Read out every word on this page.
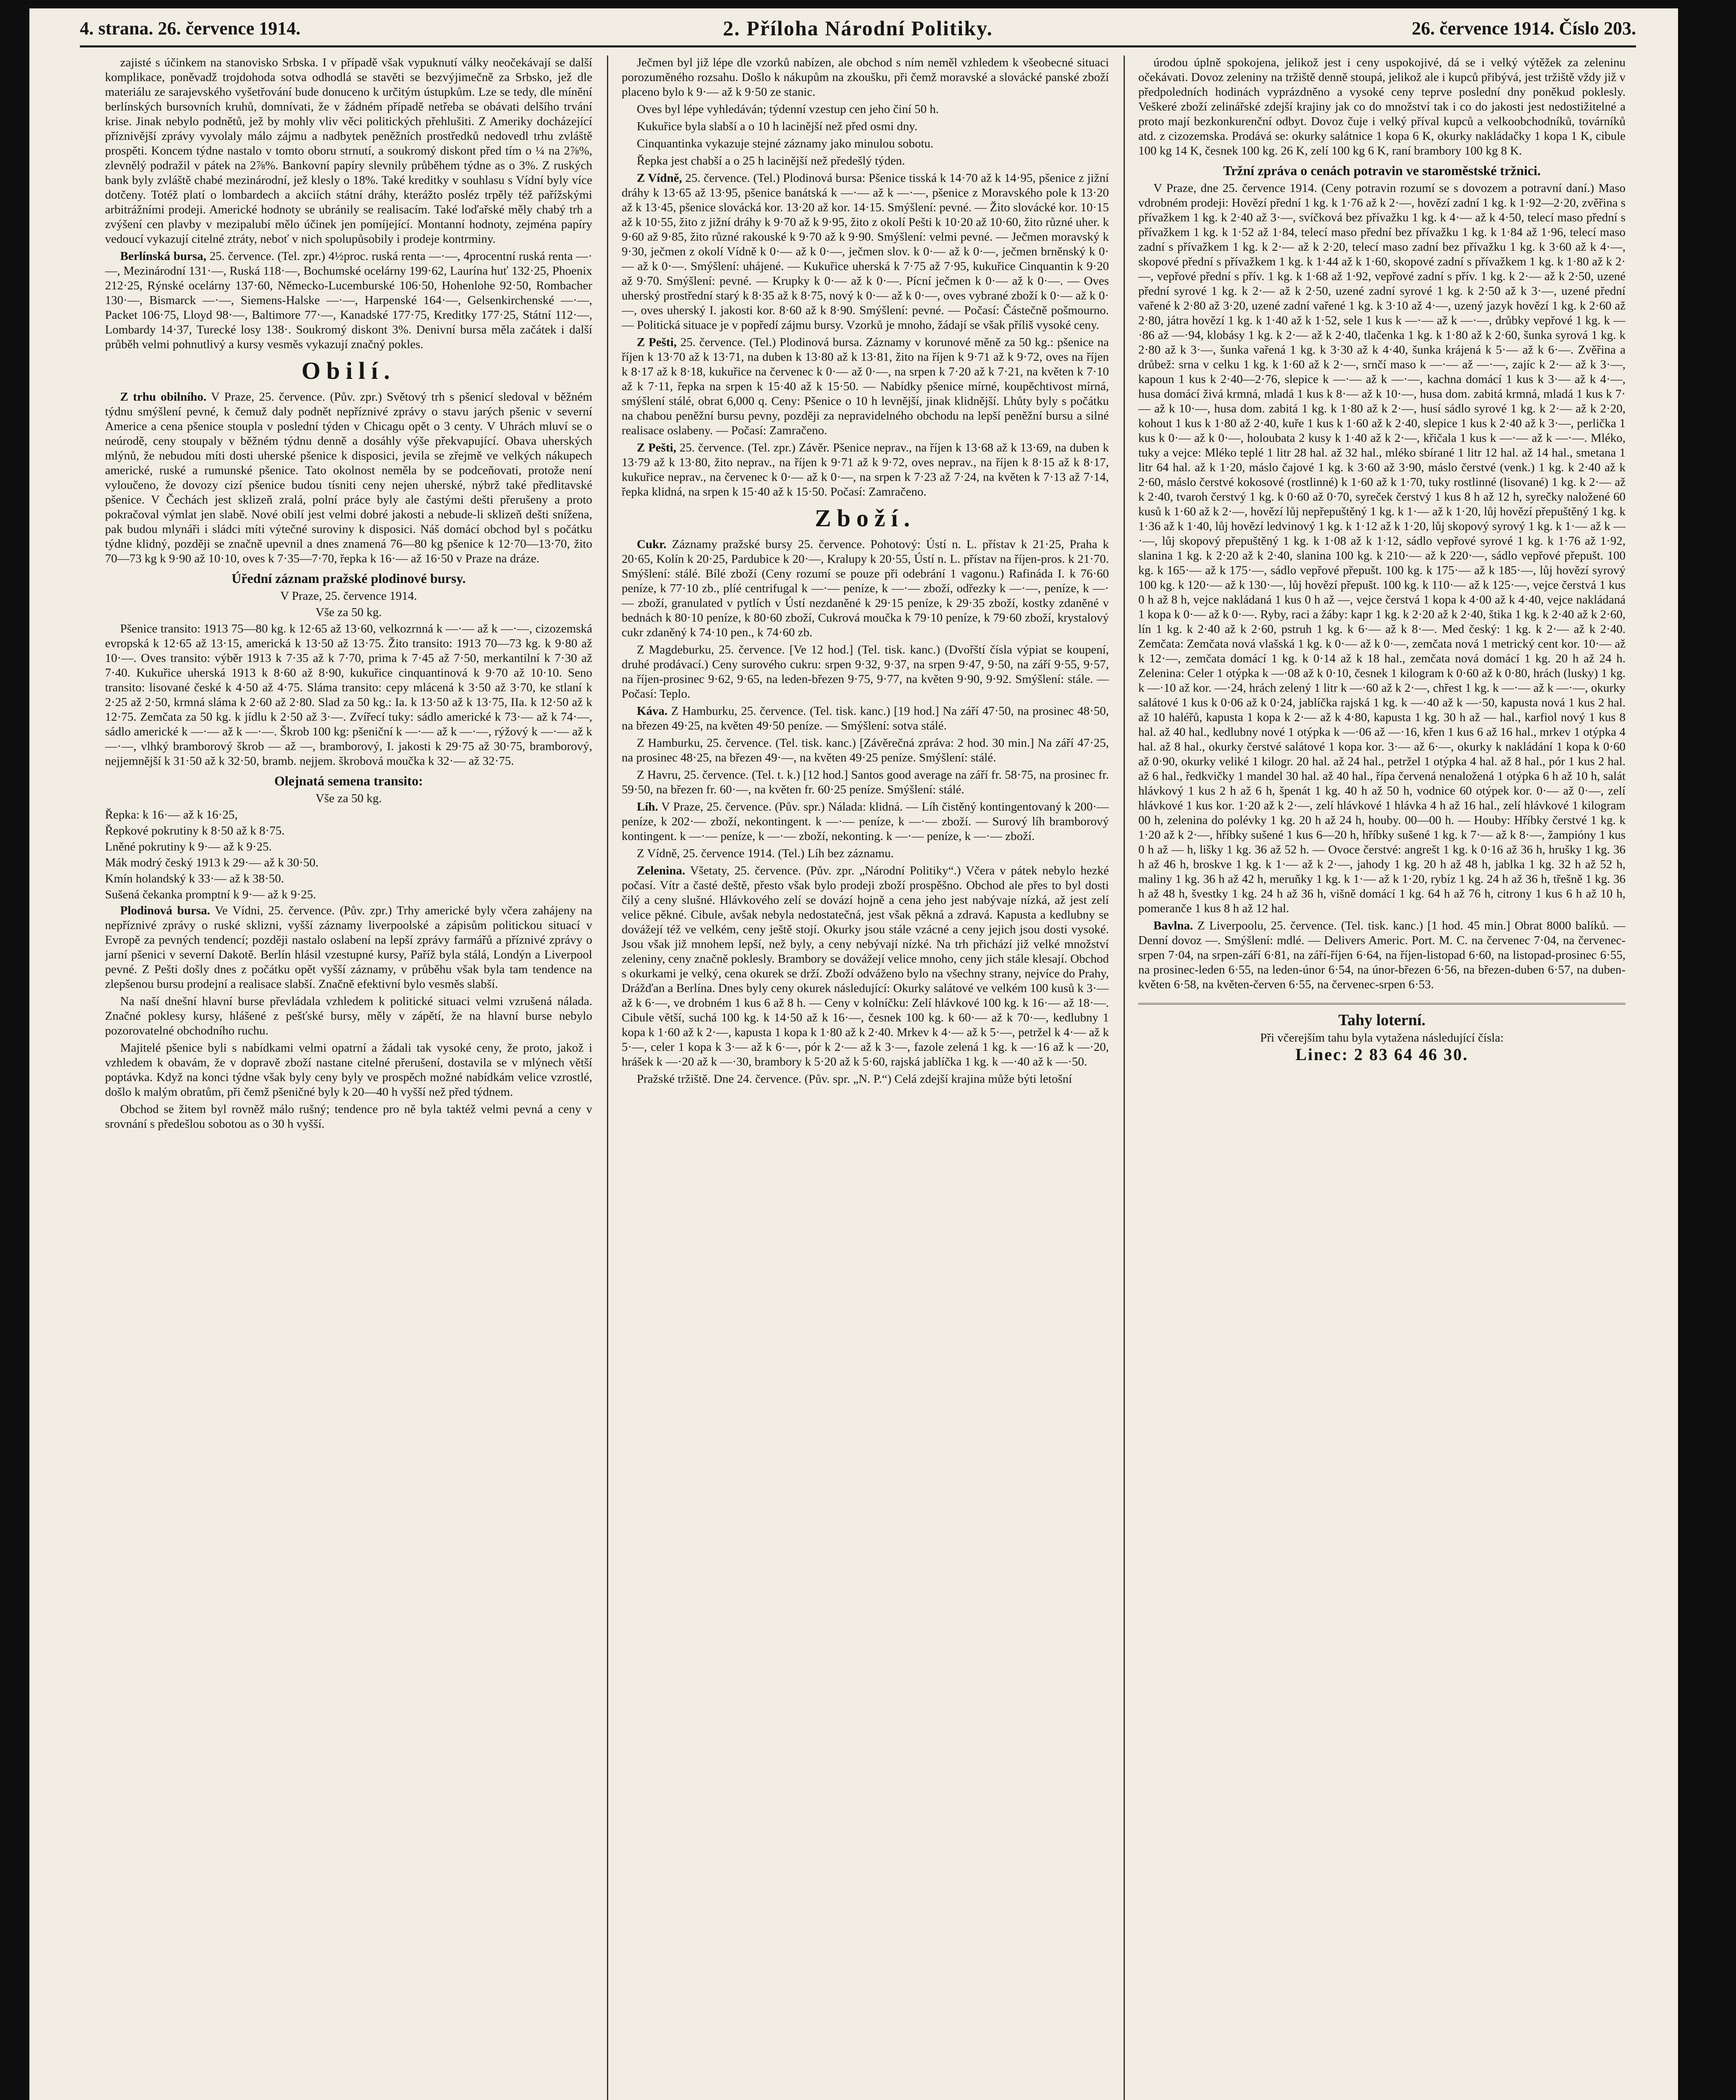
4. strana. 26. července 1914.	2. Příloha Národní Politiky.	26. července 1914. Číslo 203.

zajisté s účinkem na stanovisko Srbska. I v případě však vypuknutí války neočekávají se další komplikace, poněvadž trojdohoda sotva odhodlá se stavěti se bezvýjimečně za Srbsko, jež dle materiálu ze sarajevského vyšetřování bude donuceno k určitým ústupkům. Lze se tedy, dle mínění berlínských bursovních kruhů, domnívati, že v žádném případě netřeba se obávati delšího trvání krise. Jinak nebylo podnětů, jež by mohly vliv věci politických přehlušiti. Z Ameriky docházející příznivější zprávy vyvolaly málo zájmu a nadbytek peněžních prostředků nedovedl trhu zvláště prospěti. Koncem týdne nastalo v tomto oboru strnutí, a soukromý diskont před tím o ¼ na 2⅞%, zlevnělý podražil v pátek na 2⅞%. Bankovní papíry slevnily průběhem týdne as o 3%. Z ruských bank byly zvláště chabé mezinárodní, jež klesly o 18%. Také kreditky v souhlasu s Vídní byly více dotčeny. Totéž platí o lombardech a akciích státní dráhy, kterážto posléz trpěly též pařížskými arbitrážními prodeji. Americké hodnoty se ubránily se realisacím. Také loďařské měly chabý trh a zvýšení cen plavby v mezipalubí mělo účinek jen pomíjející. Montanní hodnoty, zejména papíry vedoucí vykazují citelné ztráty, neboť v nich spolupůsobily i prodeje kontrminy.

Berlínská bursa, 25. července. (Tel. zpr.) 4½proc. ruská renta —·—, 4procentní ruská renta —·—, Mezinárodní 131·—, Ruská 118·—, Bochumské ocelárny 199·62, Laurína huť 132·25, Phoenix 212·25, Rýnské ocelárny 137·60, Německo-Lucemburské 106·50, Hohenlohe 92·50, Rombacher 130·—, Bismarck —·—, Siemens-Halske —·—, Harpenské 164·—, Gelsenkirchenské —·—, Packet 106·75, Lloyd 98·—, Baltimore 77·—, Kanadské 177·75, Kreditky 177·25, Státní 112·—, Lombardy 14·37, Turecké losy 138·. Soukromý diskont 3%. Denivní bursa měla začátek i další průběh velmi pohnutlivý a kursy vesměs vykazují značný pokles.

Obilí.

Z trhu obilního. V Praze, 25. července. (Pův. zpr.) Světový trh s pšenicí sledoval v běžném týdnu smýšlení pevné, k čemuž daly podnět nepříznivé zprávy o stavu jarých pšenic v severní Americe a cena pšenice stoupla v poslední týden v Chicagu opět o 3 centy. V Uhrách mluví se o neúrodě, ceny stoupaly v běžném týdnu denně a dosáhly výše překvapující. Obava uherských mlýnů, že nebudou míti dosti uherské pšenice k disposici, jevila se zřejmě ve velkých nákupech americké, ruské a rumunské pšenice. Tato okolnost neměla by se podceňovati, protože není vyloučeno, že dovozy cizí pšenice budou tísniti ceny nejen uherské, nýbrž také předlitavské pšenice. V Čechách jest sklizeň zralá, polní práce byly ale častými dešti přerušeny a proto pokračoval výmlat jen slabě. Nové obilí jest velmi dobré jakosti a nebude-li sklizeň dešti snížena, pak budou mlynáři i sládci míti výtečné suroviny k disposici. Náš domácí obchod byl s počátku týdne klidný, později se značně upevnil a dnes znamená 76—80 kg pšenice k 12·70—13·70, žito 70—73 kg k 9·90 až 10·10, oves k 7·35—7·70, řepka k 16·— až 16·50 v Praze na dráze.

Úřední záznam pražské plodinové bursy.

V Praze, 25. července 1914.

Vše za 50 kg.

Pšenice transito: 1913 75—80 kg. k 12·65 až 13·60, velkozrnná k —·— až k —·—, cizozemská evropská k 12·65 až 13·15, americká k 13·50 až 13·75. Žito transito: 1913 70—73 kg. k 9·80 až 10·—. Oves transito: výběr 1913 k 7·35 až k 7·70, prima k 7·45 až 7·50, merkantilní k 7·30 až 7·40. Kukuřice uherská 1913 k 8·60 až 8·90, kukuřice cinquantinová k 9·70 až 10·10. Seno transito: lisované české k 4·50 až 4·75. Sláma transito: cepy mlácená k 3·50 až 3·70, ke stlaní k 2·25 až 2·50, krmná sláma k 2·60 až 2·80. Slad za 50 kg.: Ia. k 13·50 až k 13·75, IIa. k 12·50 až k 12·75. Zemčata za 50 kg. k jídlu k 2·50 až 3·—. Zvířecí tuky: sádlo americké k 73·— až k 74·—, sádlo americké k —·— až k —·—. Škrob 100 kg: pšeniční k —·— až k —·—, rýžový k —·— až k —·—, vlhký bramborový škrob — až —, bramborový, I. jakosti k 29·75 až 30·75, bramborový, nejjemnější k 31·50 až k 32·50, bramb. nejjem. škrobová moučka k 32·— až 32·75.

Olejnatá semena transito:

Vše za 50 kg.

Řepka: k 16·— až k 16·25,

Řepkové pokrutiny k 8·50 až k 8·75.

Lněné pokrutiny k 9·— až k 9·25.

Mák modrý český 1913 k 29·— až k 30·50.

Kmín holandský k 33·— až k 38·50.

Sušená čekanka promptní k 9·— až k 9·25.

Plodinová bursa. Ve Vídni, 25. července. (Pův. zpr.) Trhy americké byly včera zahájeny na nepříznivé zprávy o ruské sklizni, vyšší záznamy liverpoolské a zápisům politickou situací v Evropě za pevných tendencí; později nastalo oslabení na lepší zprávy farmářů a příznivé zprávy o jarní pšenici v severní Dakotě. Berlín hlásil vzestupné kursy, Paříž byla stálá, Londýn a Liverpool pevné. Z Pešti došly dnes z počátku opět vyšší záznamy, v průběhu však byla tam tendence na zlepšenou bursu prodejní a realisace slabší. Značně efektivní bylo vesměs slabší.

Na naší dnešní hlavní burse převládala vzhledem k politické situaci velmi vzrušená nálada. Značné poklesy kursy, hlášené z pešťské bursy, měly v zápětí, že na hlavní burse nebylo pozorovatelné obchodního ruchu.

Majitelé pšenice byli s nabídkami velmi opatrní a žádali tak vysoké ceny, že proto, jakož i vzhledem k obavám, že v dopravě zboží nastane citelné přerušení, dostavila se v mlýnech větší poptávka. Když na konci týdne však byly ceny byly ve prospěch možné nabídkám velice vzrostlé, došlo k malým obratům, při čemž pšeničné byly k 20—40 h vyšší než před týdnem.

Obchod se žitem byl rovněž málo rušný; tendence pro ně byla taktéž velmi pevná a ceny v srovnání s předešlou sobotou as o 30 h vyšší.

Ječmen byl již lépe dle vzorků nabízen, ale obchod s ním neměl vzhledem k všeobecné situaci porozuměného rozsahu. Došlo k nákupům na zkoušku, při čemž moravské a slovácké panské zboží placeno bylo k 9·— až k 9·50 ze stanic.

Oves byl lépe vyhledáván; týdenní vzestup cen jeho činí 50 h.

Kukuřice byla slabší a o 10 h lacinější než před osmi dny.

Cinquantinka vykazuje stejné záznamy jako minulou sobotu.

Řepka jest chabší a o 25 h lacinější než předešlý týden.

Z Vídně, 25. července. (Tel.) Plodinová bursa: Pšenice tisská k 14·70 až k 14·95, pšenice z jižní dráhy k 13·65 až 13·95, pšenice banátská k —·— až k —·—, pšenice z Moravského pole k 13·20 až k 13·45, pšenice slovácká kor. 13·20 až kor. 14·15. Smýšlení: pevné. — Žito slovácké kor. 10·15 až k 10·55, žito z jižní dráhy k 9·70 až k 9·95, žito z okolí Pešti k 10·20 až 10·60, žito různé uher. k 9·60 až 9·85, žito různé rakouské k 9·70 až k 9·90. Smýšlení: velmi pevné. — Ječmen moravský k 9·30, ječmen z okolí Vídně k 0·— až k 0·—, ječmen slov. k 0·— až k 0·—, ječmen brněnský k 0·— až k 0·—. Smýšlení: uhájené. — Kukuřice uherská k 7·75 až 7·95, kukuřice Cinquantin k 9·20 až 9·70. Smýšlení: pevné. — Krupky k 0·— až k 0·—. Pícní ječmen k 0·— až k 0·—. — Oves uherský prostřední starý k 8·35 až k 8·75, nový k 0·— až k 0·—, oves vybrané zboží k 0·— až k 0·—, oves uherský I. jakosti kor. 8·60 až k 8·90. Smýšlení: pevné. — Počasí: Částečně pošmourno. — Politická situace je v popředí zájmu bursy. Vzorků je mnoho, žádají se však příliš vysoké ceny.

Z Pešti, 25. července. (Tel.) Plodinová bursa. Záznamy v korunové měně za 50 kg.: pšenice na říjen k 13·70 až k 13·71, na duben k 13·80 až k 13·81, žito na říjen k 9·71 až k 9·72, oves na říjen k 8·17 až k 8·18, kukuřice na červenec k 0·— až 0·—, na srpen k 7·20 až k 7·21, na květen k 7·10 až k 7·11, řepka na srpen k 15·40 až k 15·50. — Nabídky pšenice mírné, koupěchtivost mírná, smýšlení stálé, obrat 6,000 q. Ceny: Pšenice o 10 h levnější, jinak klidnější. Lhůty byly s počátku na chabou peněžní bursu pevny, později za nepravidelného obchodu na lepší peněžní bursu a silné realisace oslabeny. — Počasí: Zamračeno.

Z Pešti, 25. července. (Tel. zpr.) Závěr. Pšenice neprav., na říjen k 13·68 až k 13·69, na duben k 13·79 až k 13·80, žito neprav., na říjen k 9·71 až k 9·72, oves neprav., na říjen k 8·15 až k 8·17, kukuřice neprav., na červenec k 0·— až k 0·—, na srpen k 7·23 až 7·24, na květen k 7·13 až 7·14, řepka klidná, na srpen k 15·40 až k 15·50. Počasí: Zamračeno.

Zboží.

Cukr. Záznamy pražské bursy 25. července. Pohotový: Ústí n. L. přístav k 21·25, Praha k 20·65, Kolín k 20·25, Pardubice k 20·—, Kralupy k 20·55, Ústí n. L. přístav na říjen-pros. k 21·70. Smýšlení: stálé. Bílé zboží (Ceny rozumí se pouze při odebrání 1 vagonu.) Rafináda I. k 76·60 peníze, k 77·10 zb., plíé centrifugal k —·— peníze, k —·— zboží, odřezky k —·—, peníze, k —·— zboží, granulated v pytlích v Ústí nezdaněné k 29·15 peníze, k 29·35 zboží, kostky zdaněné v bednách k 80·10 peníze, k 80·60 zboží, Cukrová moučka k 79·10 peníze, k 79·60 zboží, krystalový cukr zdaněný k 74·10 pen., k 74·60 zb.

Z Magdeburku, 25. července. [Ve 12 hod.] (Tel. tisk. kanc.) (Dvořští čísla výpiat se koupení, druhé prodávací.) Ceny surového cukru: srpen 9·32, 9·37, na srpen 9·47, 9·50, na září 9·55, 9·57, na říjen-prosinec 9·62, 9·65, na leden-březen 9·75, 9·77, na květen 9·90, 9·92. Smýšlení: stále. — Počasí: Teplo.

Káva. Z Hamburku, 25. července. (Tel. tisk. kanc.) [19 hod.] Na září 47·50, na prosinec 48·50, na březen 49·25, na květen 49·50 peníze. — Smýšlení: sotva stálé.

Z Hamburku, 25. července. (Tel. tisk. kanc.) [Závěrečná zpráva: 2 hod. 30 min.] Na září 47·25, na prosinec 48·25, na březen 49·—, na květen 49·25 peníze. Smýšlení: stálé.

Z Havru, 25. července. (Tel. t. k.) [12 hod.] Santos good average na září fr. 58·75, na prosinec fr. 59·50, na březen fr. 60·—, na květen fr. 60·25 peníze. Smýšlení: stálé.

Líh. V Praze, 25. července. (Pův. spr.) Nálada: klidná. — Líh čistěný kontingentovaný k 200·— peníze, k 202·— zboží, nekontingent. k —·— peníze, k —·— zboží. — Surový líh bramborový kontingent. k —·— peníze, k —·— zboží, nekonting. k —·— peníze, k —·— zboží.

Z Vídně, 25. července 1914. (Tel.) Líh bez záznamu.

Zelenina. Všetaty, 25. července. (Pův. zpr. „Národní Politiky“.) Včera v pátek nebylo hezké počasí. Vítr a časté deště, přesto však bylo prodeji zboží prospěšno. Obchod ale přes to byl dosti čilý a ceny slušné. Hlávkového zelí se dovází hojně a cena jeho jest nabývaje nízká, až jest zelí velice pěkné. Cibule, avšak nebyla nedostatečná, jest však pěkná a zdravá. Kapusta a kedlubny se dovážejí též ve velkém, ceny ještě stojí. Okurky jsou stále vzácné a ceny jejich jsou dosti vysoké. Jsou však již mnohem lepší, než byly, a ceny nebývají nízké. Na trh přichází již velké množství zeleniny, ceny značně poklesly. Brambory se dovážejí velice mnoho, ceny jich stále klesají. Obchod s okurkami je velký, cena okurek se drží. Zboží odváženo bylo na všechny strany, nejvíce do Prahy, Drážďan a Berlína. Dnes byly ceny okurek následující: Okurky salátové ve velkém 100 kusů k 3·— až k 6·—, ve drobném 1 kus 6 až 8 h. — Ceny v kolníčku: Zelí hlávkové 100 kg. k 16·— až 18·—. Cibule větší, suchá 100 kg. k 14·50 až k 16·—, česnek 100 kg. k 60·— až k 70·—, kedlubny 1 kopa k 1·60 až k 2·—, kapusta 1 kopa k 1·80 až k 2·40. Mrkev k 4·— až k 5·—, petržel k 4·— až k 5·—, celer 1 kopa k 3·— až k 6·—, pór k 2·— až k 3·—, fazole zelená 1 kg. k —·16 až k —·20, hrášek k —·20 až k —·30, brambory k 5·20 až k 5·60, rajská jablíčka 1 kg. k —·40 až k —·50.

Pražské tržiště. Dne 24. července. (Pův. spr. „N. P.“) Celá zdejší krajina může býti letošní

úrodou úplně spokojena, jelikož jest i ceny uspokojivé, dá se i velký výtěžek za zeleninu očekávati. Dovoz zeleniny na tržiště denně stoupá, jelikož ale i kupců přibývá, jest tržiště vždy již v předpoledních hodinách vyprázdněno a vysoké ceny teprve poslední dny poněkud poklesly. Veškeré zboží zelinářské zdejší krajiny jak co do množství tak i co do jakosti jest nedostižitelné a proto mají bezkonkurenční odbyt. Dovoz čuje i velký příval kupců a velkoobchodníků, továrníků atd. z cizozemska. Prodává se: okurky salátnice 1 kopa 6 K, okurky nakládačky 1 kopa 1 K, cibule 100 kg 14 K, česnek 100 kg. 26 K, zelí 100 kg 6 K, raní brambory 100 kg 8 K.

Tržní zpráva o cenách potravin ve staroměstské tržnici.

V Praze, dne 25. července 1914. (Ceny potravin rozumí se s dovozem a potravní daní.) Maso vdrobném prodeji: Hovězí přední 1 kg. k 1·76 až k 2·—, hovězí zadní 1 kg. k 1·92—2·20, zvěřina s přívažkem 1 kg. k 2·40 až 3·—, svíčková bez přívažku 1 kg. k 4·— až k 4·50, telecí maso přední s přívažkem 1 kg. k 1·52 až 1·84, telecí maso přední bez přívažku 1 kg. k 1·84 až 1·96, telecí maso zadní s přívažkem 1 kg. k 2·— až k 2·20, telecí maso zadní bez přívažku 1 kg. k 3·60 až k 4·—, skopové přední s přívažkem 1 kg. k 1·44 až k 1·60, skopové zadní s přívažkem 1 kg. k 1·80 až k 2·—, vepřové přední s přív. 1 kg. k 1·68 až 1·92, vepřové zadní s přív. 1 kg. k 2·— až k 2·50, uzené přední syrové 1 kg. k 2·— až k 2·50, uzené zadní syrové 1 kg. k 2·50 až k 3·—, uzené přední vařené k 2·80 až 3·20, uzené zadní vařené 1 kg. k 3·10 až 4·—, uzený jazyk hovězí 1 kg. k 2·60 až 2·80, játra hovězí 1 kg. k 1·40 až k 1·52, sele 1 kus k —·— až k —·—, drůbky vepřové 1 kg. k —·86 až —·94, klobásy 1 kg. k 2·— až k 2·40, tlačenka 1 kg. k 1·80 až k 2·60, šunka syrová 1 kg. k 2·80 až k 3·—, šunka vařená 1 kg. k 3·30 až k 4·40, šunka krájená k 5·— až k 6·—. Zvěřina a drůbež: srna v celku 1 kg. k 1·60 až k 2·—, srnčí maso k —·— až —·—, zajíc k 2·— až k 3·—, kapoun 1 kus k 2·40—2·76, slepice k —·— až k —·—, kachna domácí 1 kus k 3·— až k 4·—, husa domácí živá krmná, mladá 1 kus k 8·— až k 10·—, husa dom. zabitá krmná, mladá 1 kus k 7·— až k 10·—, husa dom. zabitá 1 kg. k 1·80 až k 2·—, husí sádlo syrové 1 kg. k 2·— až k 2·20, kohout 1 kus k 1·80 až 2·40, kuře 1 kus k 1·60 až k 2·40, slepice 1 kus k 2·40 až k 3·—, perlička 1 kus k 0·— až k 0·—, holoubata 2 kusy k 1·40 až k 2·—, křičala 1 kus k —·— až k —·—. Mléko, tuky a vejce: Mléko teplé 1 litr 28 hal. až 32 hal., mléko sbírané 1 litr 12 hal. až 14 hal., smetana 1 litr 64 hal. až k 1·20, máslo čajové 1 kg. k 3·60 až 3·90, máslo čerstvé (venk.) 1 kg. k 2·40 až k 2·60, máslo čerstvé kokosové (rostlinné) k 1·60 až k 1·70, tuky rostlinné (lisované) 1 kg. k 2·— až k 2·40, tvaroh čerstvý 1 kg. k 0·60 až 0·70, syreček čerstvý 1 kus 8 h až 12 h, syrečky naložené 60 kusů k 1·60 až k 2·—, hovězí lůj nepřepuštěný 1 kg. k 1·— až k 1·20, lůj hovězí přepuštěný 1 kg. k 1·36 až k 1·40, lůj hovězí ledvinový 1 kg. k 1·12 až k 1·20, lůj skopový syrový 1 kg. k 1·— až k —·—, lůj skopový přepuštěný 1 kg. k 1·08 až k 1·12, sádlo vepřové syrové 1 kg. k 1·76 až 1·92, slanina 1 kg. k 2·20 až k 2·40, slanina 100 kg. k 210·— až k 220·—, sádlo vepřové přepušt. 100 kg. k 165·— až k 175·—, sádlo vepřové přepušt. 100 kg. k 175·— až k 185·—, lůj hovězí syrový 100 kg. k 120·— až k 130·—, lůj hovězí přepušt. 100 kg. k 110·— až k 125·—, vejce čerstvá 1 kus 0 h až 8 h, vejce nakládaná 1 kus 0 h až —, vejce čerstvá 1 kopa k 4·00 až k 4·40, vejce nakládaná 1 kopa k 0·— až k 0·—. Ryby, raci a žáby: kapr 1 kg. k 2·20 až k 2·40, štika 1 kg. k 2·40 až k 2·60, lín 1 kg. k 2·40 až k 2·60, pstruh 1 kg. k 6·— až k 8·—. Med český: 1 kg. k 2·— až k 2·40. Zemčata: Zemčata nová vlašská 1 kg. k 0·— až k 0·—, zemčata nová 1 metrický cent kor. 10·— až k 12·—, zemčata domácí 1 kg. k 0·14 až k 18 hal., zemčata nová domácí 1 kg. 20 h až 24 h. Zelenina: Celer 1 otýpka k —·08 až k 0·10, česnek 1 kilogram k 0·60 až k 0·80, hrách (lusky) 1 kg. k —·10 až kor. —·24, hrách zelený 1 litr k —·60 až k 2·—, chřest 1 kg. k —·— až k —·—, okurky salátové 1 kus k 0·06 až k 0·24, jablíčka rajská 1 kg. k —·40 až k —·50, kapusta nová 1 kus 2 hal. až 10 haléřů, kapusta 1 kopa k 2·— až k 4·80, kapusta 1 kg. 30 h až — hal., karfiol nový 1 kus 8 hal. až 40 hal., kedlubny nové 1 otýpka k —·06 až —·16, křen 1 kus 6 až 16 hal., mrkev 1 otýpka 4 hal. až 8 hal., okurky čerstvé salátové 1 kopa kor. 3·— až 6·—, okurky k nakládání 1 kopa k 0·60 až 0·90, okurky veliké 1 kilogr. 20 hal. až 24 hal., petržel 1 otýpka 4 hal. až 8 hal., pór 1 kus 2 hal. až 6 hal., ředkvičky 1 mandel 30 hal. až 40 hal., řípa červená nenaložená 1 otýpka 6 h až 10 h, salát hlávkový 1 kus 2 h až 6 h, špenát 1 kg. 40 h až 50 h, vodnice 60 otýpek kor. 0·— až 0·—, zelí hlávkové 1 kus kor. 1·20 až k 2·—, zelí hlávkové 1 hlávka 4 h až 16 hal., zelí hlávkové 1 kilogram 00 h, zelenina do polévky 1 kg. 20 h až 24 h, houby. 00—00 h. — Houby: Hříbky čerstvé 1 kg. k 1·20 až k 2·—, hříbky sušené 1 kus 6—20 h, hříbky sušené 1 kg. k 7·— až k 8·—, žampióny 1 kus 0 h až — h, lišky 1 kg. 36 až 52 h. — Ovoce čerstvé: angrešt 1 kg. k 0·16 až 36 h, hrušky 1 kg. 36 h až 46 h, broskve 1 kg. k 1·— až k 2·—, jahody 1 kg. 20 h až 48 h, jablka 1 kg. 32 h až 52 h, maliny 1 kg. 36 h až 42 h, meruňky 1 kg. k 1·— až k 1·20, rybíz 1 kg. 24 h až 36 h, třešně 1 kg. 36 h až 48 h, švestky 1 kg. 24 h až 36 h, višně domácí 1 kg. 64 h až 76 h, citrony 1 kus 6 h až 10 h, pomeranče 1 kus 8 h až 12 hal.

Bavlna. Z Liverpoolu, 25. července. (Tel. tisk. kanc.) [1 hod. 45 min.] Obrat 8000 balíků. — Denní dovoz —. Smýšlení: mdlé. — Delivers Americ. Port. M. C. na červenec 7·04, na červenec-srpen 7·04, na srpen-září 6·81, na září-říjen 6·64, na říjen-listopad 6·60, na listopad-prosinec 6·55, na prosinec-leden 6·55, na leden-únor 6·54, na únor-březen 6·56, na březen-duben 6·57, na duben-květen 6·58, na květen-červen 6·55, na červenec-srpen 6·53.

Tahy loterní.

Při včerejším tahu byla vytažena následující čísla:

Linec: 2 83 64 46 30.
